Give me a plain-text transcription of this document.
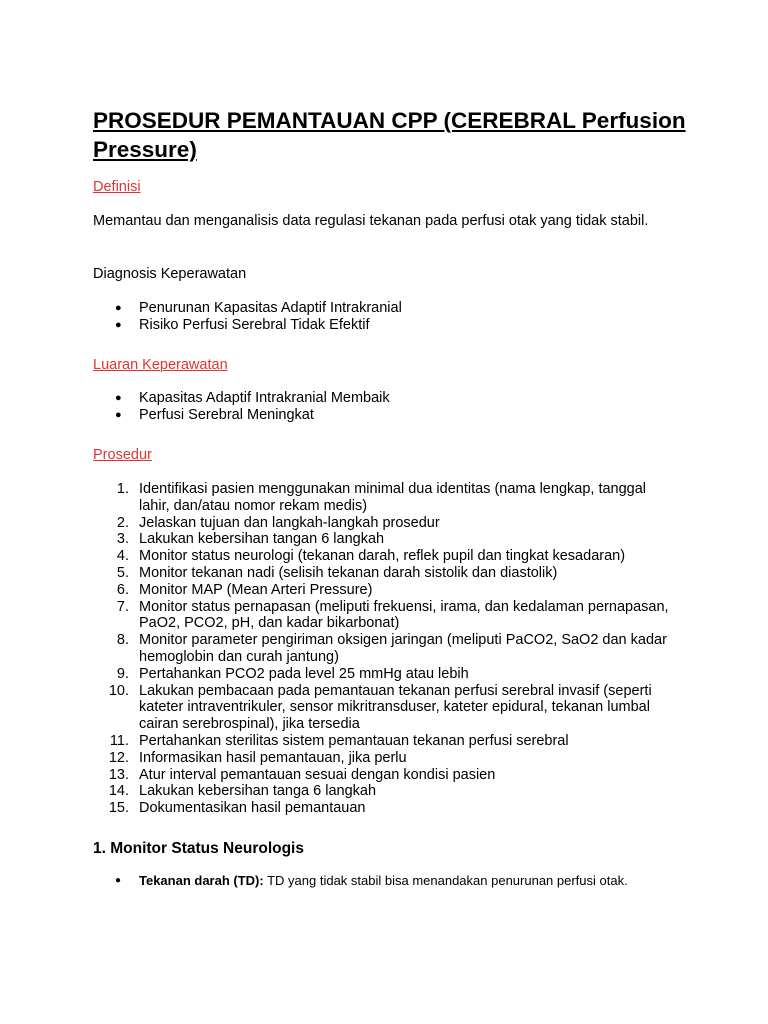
PROSEDUR PEMANTAUAN CPP (CEREBRAL Perfusion Pressure)
Definisi

Memantau dan menganalisis data regulasi tekanan pada perfusi otak yang tidak stabil.

Diagnosis Keperawatan

● Penurunan Kapasitas Adaptif Intrakranial
● Risiko Perfusi Serebral Tidak Efektif
Luaran Keperawatan
● Kapasitas Adaptif Intrakranial Membaik
● Perfusi Serebral Meningkat
Prosedur
1. Identifikasi pasien menggunakan minimal dua identitas (nama lengkap, tanggal lahir, dan/atau nomor rekam medis)
2. Jelaskan tujuan dan langkah-langkah prosedur
3. Lakukan kebersihan tangan 6 langkah
4. Monitor status neurologi (tekanan darah, reflek pupil dan tingkat kesadaran)
5. Monitor tekanan nadi (selisih tekanan darah sistolik dan diastolik)
6. Monitor MAP (Mean Arteri Pressure)
7. Monitor status pernapasan (meliputi frekuensi, irama, dan kedalaman pernapasan, PaO2, PCO2, pH, dan kadar bikarbonat)
8. Monitor parameter pengiriman oksigen jaringan (meliputi PaCO2, SaO2 dan kadar hemoglobin dan curah jantung)
9. Pertahankan PCO2 pada level 25 mmHg atau lebih
10. Lakukan pembacaan pada pemantauan tekanan perfusi serebral invasif (seperti kateter intraventrikuler, sensor mikritransduser, kateter epidural, tekanan lumbal cairan serebrospinal), jika tersedia
11. Pertahankan sterilitas sistem pemantauan tekanan perfusi serebral
12. Informasikan hasil pemantauan, jika perlu
13. Atur interval pemantauan sesuai dengan kondisi pasien
14. Lakukan kebersihan tanga 6 langkah
15. Dokumentasikan hasil pemantauan
1. Monitor Status Neurologis
● Tekanan darah (TD): TD yang tidak stabil bisa menandakan penurunan perfusi otak.
